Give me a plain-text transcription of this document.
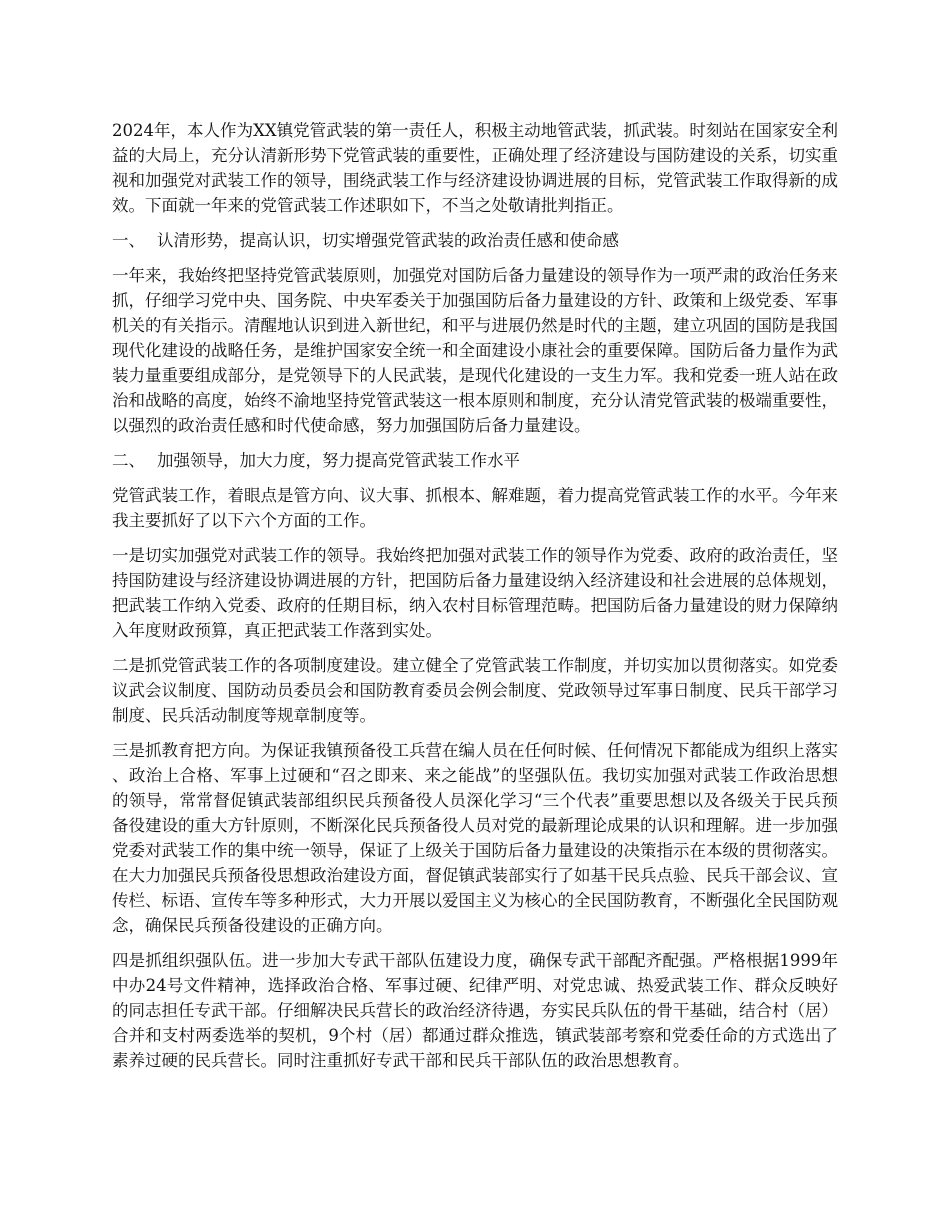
2024年，本人作为XX镇党管武装的第一责任人，积极主动地管武装，抓武装。时刻站在国家安全利益的大局上，充分认清新形势下党管武装的重要性，正确处理了经济建设与国防建设的关系，切实重视和加强党对武装工作的领导，围绕武装工作与经济建设协调进展的目标，党管武装工作取得新的成效。下面就一年来的党管武装工作述职如下，不当之处敬请批判指正。

一、 认清形势，提高认识，切实增强党管武装的政治责任感和使命感

一年来，我始终把坚持党管武装原则，加强党对国防后备力量建设的领导作为一项严肃的政治任务来抓，仔细学习党中央、国务院、中央军委关于加强国防后备力量建设的方针、政策和上级党委、军事机关的有关指示。清醒地认识到进入新世纪，和平与进展仍然是时代的主题，建立巩固的国防是我国现代化建设的战略任务，是维护国家安全统一和全面建设小康社会的重要保障。国防后备力量作为武装力量重要组成部分，是党领导下的人民武装，是现代化建设的一支生力军。我和党委一班人站在政治和战略的高度，始终不渝地坚持党管武装这一根本原则和制度，充分认清党管武装的极端重要性，以强烈的政治责任感和时代使命感，努力加强国防后备力量建设。

二、 加强领导，加大力度，努力提高党管武装工作水平

党管武装工作，着眼点是管方向、议大事、抓根本、解难题，着力提高党管武装工作的水平。今年来我主要抓好了以下六个方面的工作。

一是切实加强党对武装工作的领导。我始终把加强对武装工作的领导作为党委、政府的政治责任，坚持国防建设与经济建设协调进展的方针，把国防后备力量建设纳入经济建设和社会进展的总体规划，把武装工作纳入党委、政府的任期目标，纳入农村目标管理范畴。把国防后备力量建设的财力保障纳入年度财政预算，真正把武装工作落到实处。

二是抓党管武装工作的各项制度建设。建立健全了党管武装工作制度，并切实加以贯彻落实。如党委议武会议制度、国防动员委员会和国防教育委员会例会制度、党政领导过军事日制度、民兵干部学习制度、民兵活动制度等规章制度等。

三是抓教育把方向。为保证我镇预备役工兵营在编人员在任何时候、任何情况下都能成为组织上落实、政治上合格、军事上过硬和“召之即来、来之能战”的坚强队伍。我切实加强对武装工作政治思想的领导，常常督促镇武装部组织民兵预备役人员深化学习“三个代表”重要思想以及各级关于民兵预备役建设的重大方针原则，不断深化民兵预备役人员对党的最新理论成果的认识和理解。进一步加强党委对武装工作的集中统一领导，保证了上级关于国防后备力量建设的决策指示在本级的贯彻落实。在大力加强民兵预备役思想政治建设方面，督促镇武装部实行了如基干民兵点验、民兵干部会议、宣传栏、标语、宣传车等多种形式，大力开展以爱国主义为核心的全民国防教育，不断强化全民国防观念，确保民兵预备役建设的正确方向。

四是抓组织强队伍。进一步加大专武干部队伍建设力度，确保专武干部配齐配强。严格根据1999年中办24号文件精神，选择政治合格、军事过硬、纪律严明、对党忠诚、热爱武装工作、群众反映好的同志担任专武干部。仔细解决民兵营长的政治经济待遇，夯实民兵队伍的骨干基础，结合村（居）合并和支村两委选举的契机，9个村（居）都通过群众推选，镇武装部考察和党委任命的方式选出了素养过硬的民兵营长。同时注重抓好专武干部和民兵干部队伍的政治思想教育。
